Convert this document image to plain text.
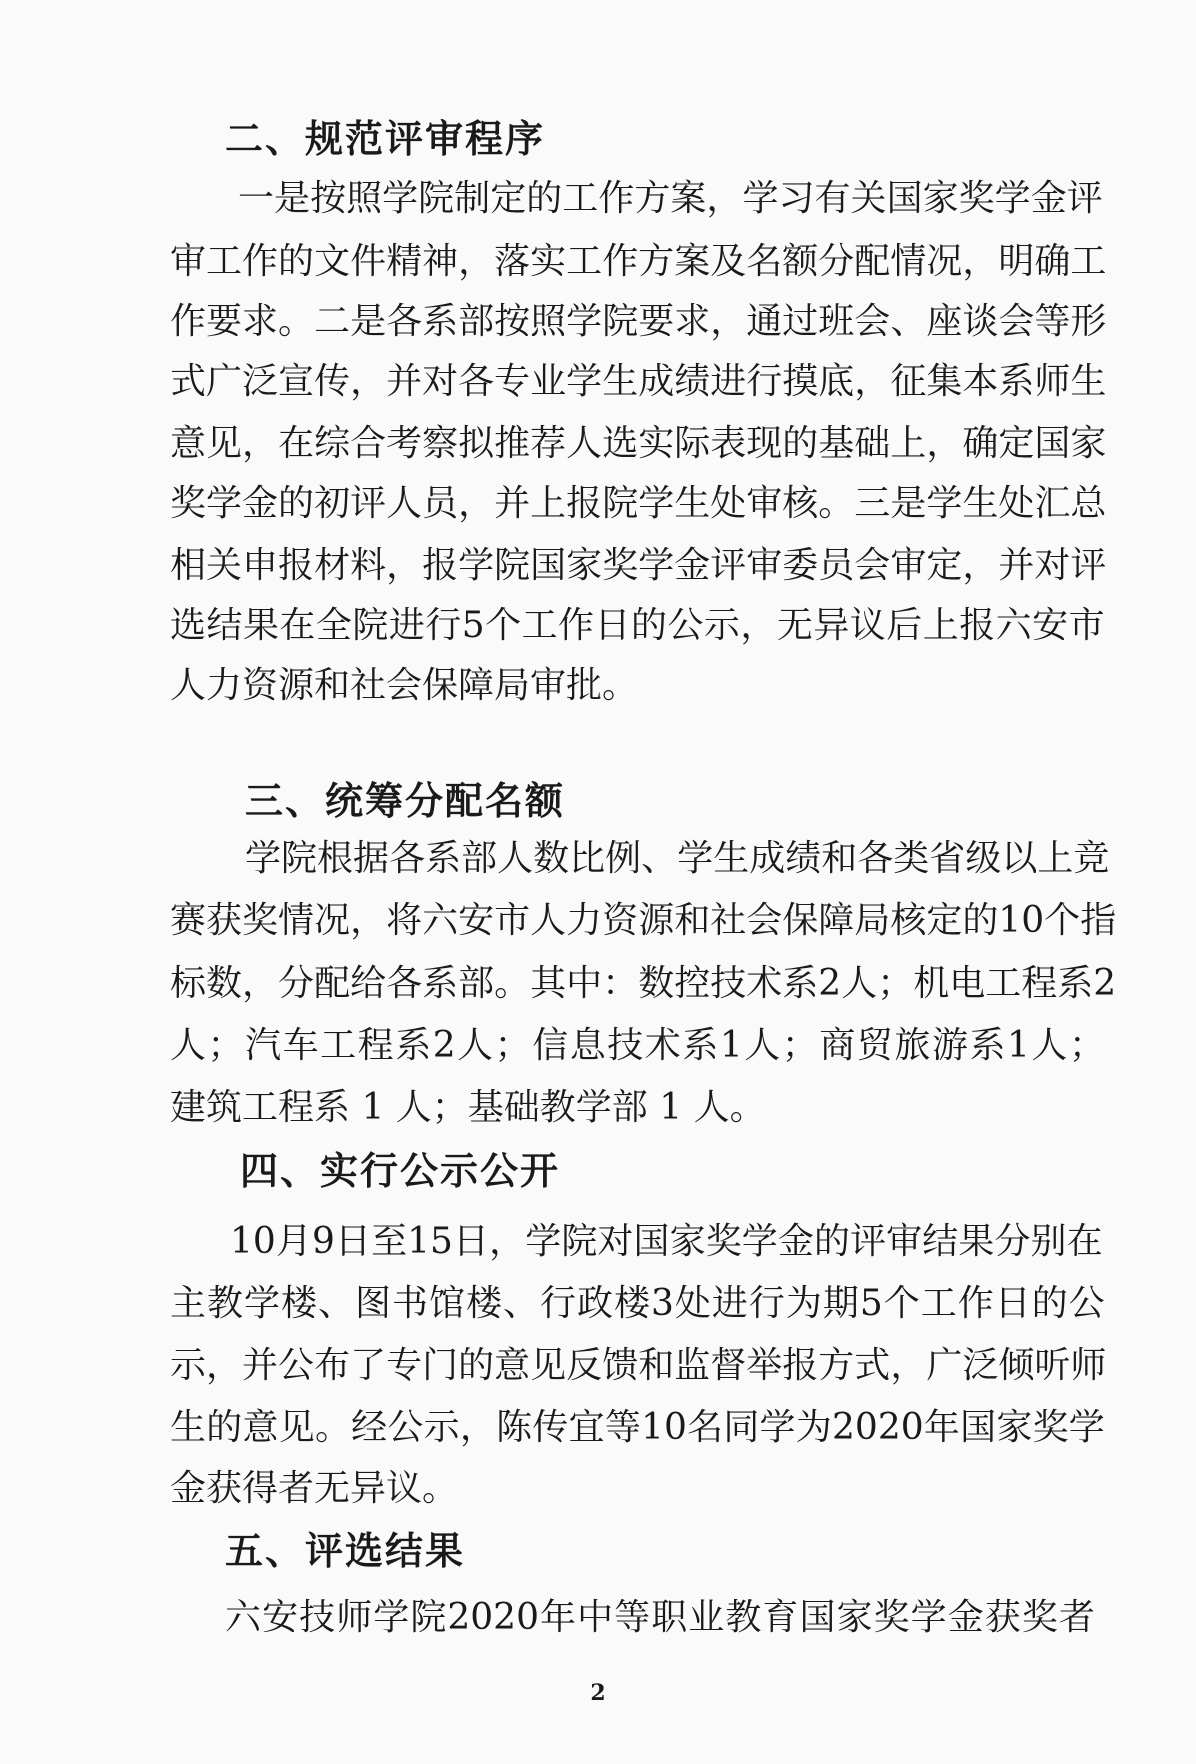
二、规范评审程序
一 是 按 照 学 院 制 定 的 工 作 方 案 ， 学 习 有 关 国 家 奖 学 金 评
审 工 作 的 文 件 精 神 ， 落 实 工 作 方 案 及 名 额 分 配 情 况 ， 明 确 工
作 要 求 。 二 是 各 系 部 按 照 学 院 要 求 ， 通 过 班 会 、 座 谈 会 等 形
式 广 泛 宣 传 ， 并 对 各 专 业 学 生 成 绩 进 行 摸 底 ， 征 集 本 系 师 生
意 见 ， 在 综 合 考 察 拟 推 荐 人 选 实 际 表 现 的 基 础 上 ， 确 定 国 家
奖 学 金 的 初 评 人 员 ， 并 上 报 院 学 生 处 审 核 。 三 是 学 生 处 汇 总
相 关 申 报 材 料 ， 报 学 院 国 家 奖 学 金 评 审 委 员 会 审 定 ， 并 对 评
选 结 果 在 全 院 进 行 5 个 工 作 日 的 公 示 ， 无 异 议 后 上 报 六 安 市
人力资源和社会保障局审批。
三、统筹分配名额
学 院 根 据 各 系 部 人 数 比 例 、 学 生 成 绩 和 各 类 省 级 以 上 竞
赛 获 奖 情 况 ， 将 六 安 市 人 力 资 源 和 社 会 保 障 局 核 定 的 10 个 指
标 数 ， 分 配 给 各 系 部 。 其 中 ： 数 控 技 术 系 2 人 ； 机 电 工 程 系 2
人 ； 汽 车 工 程 系 2 人 ； 信 息 技 术 系 1 人 ； 商 贸 旅 游 系 1 人 ；
建筑工程系 1 人；基础教学部 1 人。
四、实行公示公开
10 月 9 日 至 15 日 ， 学 院 对 国 家 奖 学 金 的 评 审 结 果 分 别 在
主 教 学 楼 、 图 书 馆 楼 、 行 政 楼 3 处 进 行 为 期 5 个 工 作 日 的 公
示 ， 并 公 布 了 专 门 的 意 见 反 馈 和 监 督 举 报 方 式 ， 广 泛 倾 听 师
生 的 意 见 。 经 公 示 ， 陈 传 宜 等 10 名 同 学 为 2020 年 国 家 奖 学
金获得者无异议。
五、评选结果
六 安 技 师 学 院 2020 年 中 等 职 业 教 育 国 家 奖 学 金 获 奖 者
2
